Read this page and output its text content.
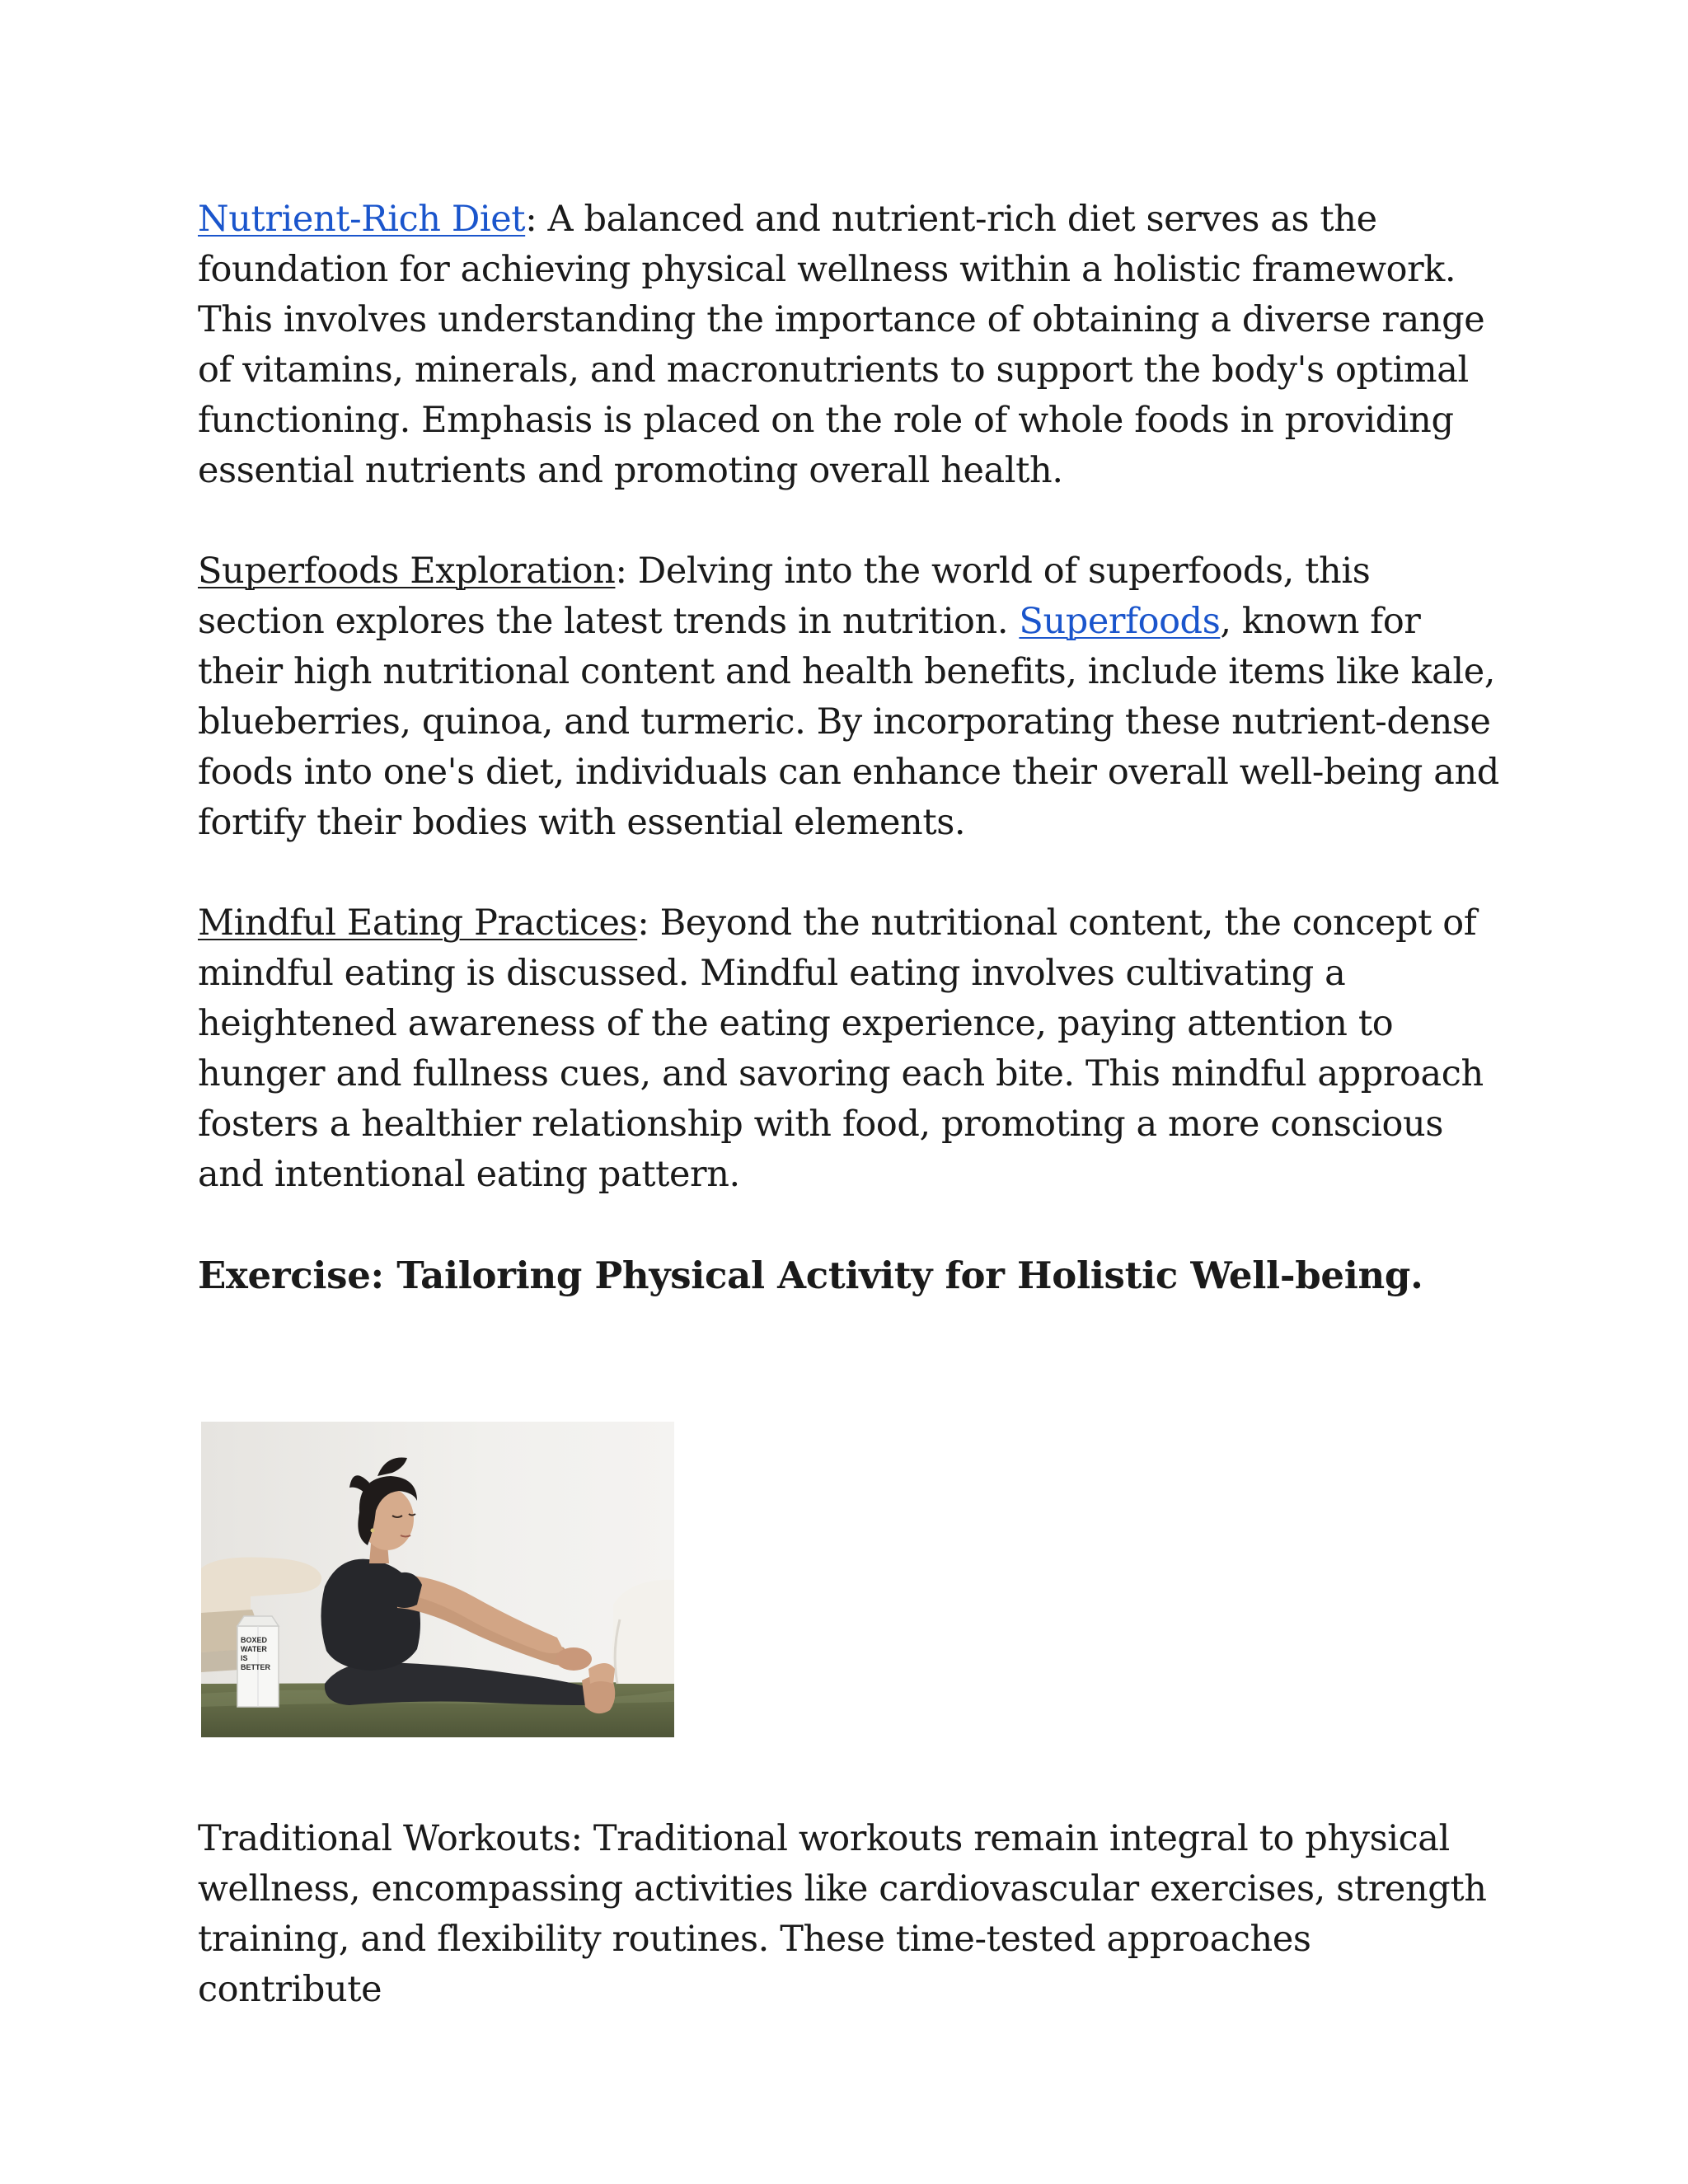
Nutrient-Rich Diet: A balanced and nutrient-rich diet serves as the foundation for achieving physical wellness within a holistic framework. This involves understanding the importance of obtaining a diverse range of vitamins, minerals, and macronutrients to support the body's optimal functioning. Emphasis is placed on the role of whole foods in providing essential nutrients and promoting overall health.

Superfoods Exploration: Delving into the world of superfoods, this section explores the latest trends in nutrition. Superfoods, known for their high nutritional content and health benefits, include items like kale, blueberries, quinoa, and turmeric. By incorporating these nutrient-dense foods into one's diet, individuals can enhance their overall well-being and fortify their bodies with essential elements.

Mindful Eating Practices: Beyond the nutritional content, the concept of mindful eating is discussed. Mindful eating involves cultivating a heightened awareness of the eating experience, paying attention to hunger and fullness cues, and savoring each bite. This mindful approach fosters a healthier relationship with food, promoting a more conscious and intentional eating pattern.

Exercise: Tailoring Physical Activity for Holistic Well-being.
BOXED
WATER
IS
BETTER

Traditional Workouts: Traditional workouts remain integral to physical wellness, encompassing activities like cardiovascular exercises, strength training, and flexibility routines. These time-tested approaches contribute
